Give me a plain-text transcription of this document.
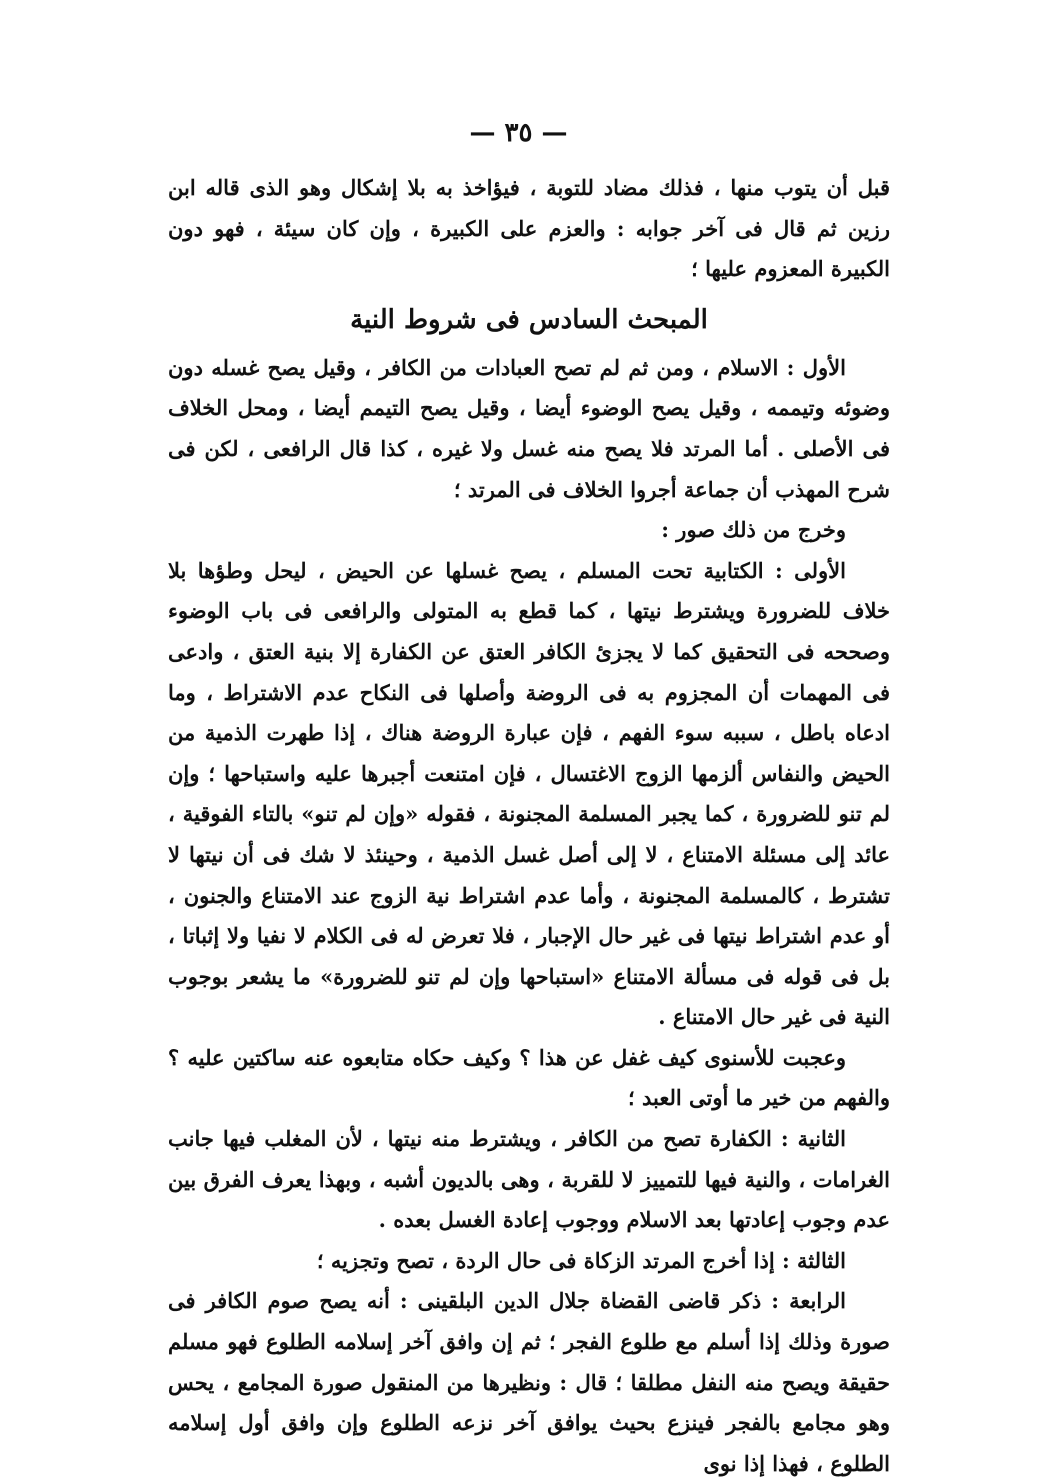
— ٣٥ —

قبل أن يتوب منها ، فذلك مضاد للتوبة ، فيؤاخذ به بلا إشكال وهو الذى قاله ابن رزين ثم قال فى آخر جوابه : والعزم على الكبيرة ، وإن كان سيئة ، فهو دون الكبيرة المعزوم عليها ؛

المبحث السادس فى شروط النية

الأول : الاسلام ، ومن ثم لم تصح العبادات من الكافر ، وقيل يصح غسله دون وضوئه وتيممه ، وقيل يصح الوضوء أيضا ، وقيل يصح التيمم أيضا ، ومحل الخلاف فى الأصلى . أما المرتد فلا يصح منه غسل ولا غيره ، كذا قال الرافعى ، لكن فى شرح المهذب أن جماعة أجروا الخلاف فى المرتد ؛

وخرج من ذلك صور :

الأولى : الكتابية تحت المسلم ، يصح غسلها عن الحيض ، ليحل وطؤها بلا خلاف للضرورة ويشترط نيتها ، كما قطع به المتولى والرافعى فى باب الوضوء وصححه فى التحقيق كما لا يجزئ الكافر العتق عن الكفارة إلا بنية العتق ، وادعى فى المهمات أن المجزوم به فى الروضة وأصلها فى النكاح عدم الاشتراط ، وما ادعاه باطل ، سببه سوء الفهم ، فإن عبارة الروضة هناك ، إذا طهرت الذمية من الحيض والنفاس ألزمها الزوج الاغتسال ، فإن امتنعت أجبرها عليه واستباحها ؛ وإن لم تنو للضرورة ، كما يجبر المسلمة المجنونة ، فقوله «وإن لم تنو» بالتاء الفوقية ، عائد إلى مسئلة الامتناع ، لا إلى أصل غسل الذمية ، وحينئذ لا شك فى أن نيتها لا تشترط ، كالمسلمة المجنونة ، وأما عدم اشتراط نية الزوج عند الامتناع والجنون ، أو عدم اشتراط نيتها فى غير حال الإجبار ، فلا تعرض له فى الكلام لا نفيا ولا إثباتا ، بل فى قوله فى مسألة الامتناع «استباحها وإن لم تنو للضرورة» ما يشعر بوجوب النية فى غير حال الامتناع .

وعجبت للأسنوى كيف غفل عن هذا ؟ وكيف حكاه متابعوه عنه ساكتين عليه ؟ والفهم من خير ما أوتى العبد ؛

الثانية : الكفارة تصح من الكافر ، ويشترط منه نيتها ، لأن المغلب فيها جانب الغرامات ، والنية فيها للتمييز لا للقربة ، وهى بالديون أشبه ، وبهذا يعرف الفرق بين عدم وجوب إعادتها بعد الاسلام ووجوب إعادة الغسل بعده .

الثالثة : إذا أخرج المرتد الزكاة فى حال الردة ، تصح وتجزيه ؛

الرابعة : ذكر قاضى القضاة جلال الدين البلقينى : أنه يصح صوم الكافر فى صورة وذلك إذا أسلم مع طلوع الفجر ؛ ثم إن وافق آخر إسلامه الطلوع فهو مسلم حقيقة ويصح منه النفل مطلقا ؛ قال : ونظيرها من المنقول صورة المجامع ، يحس وهو مجامع بالفجر فينزع بحيث يوافق آخر نزعه الطلوع وإن وافق أول إسلامه الطلوع ، فهذا إذا نوى
